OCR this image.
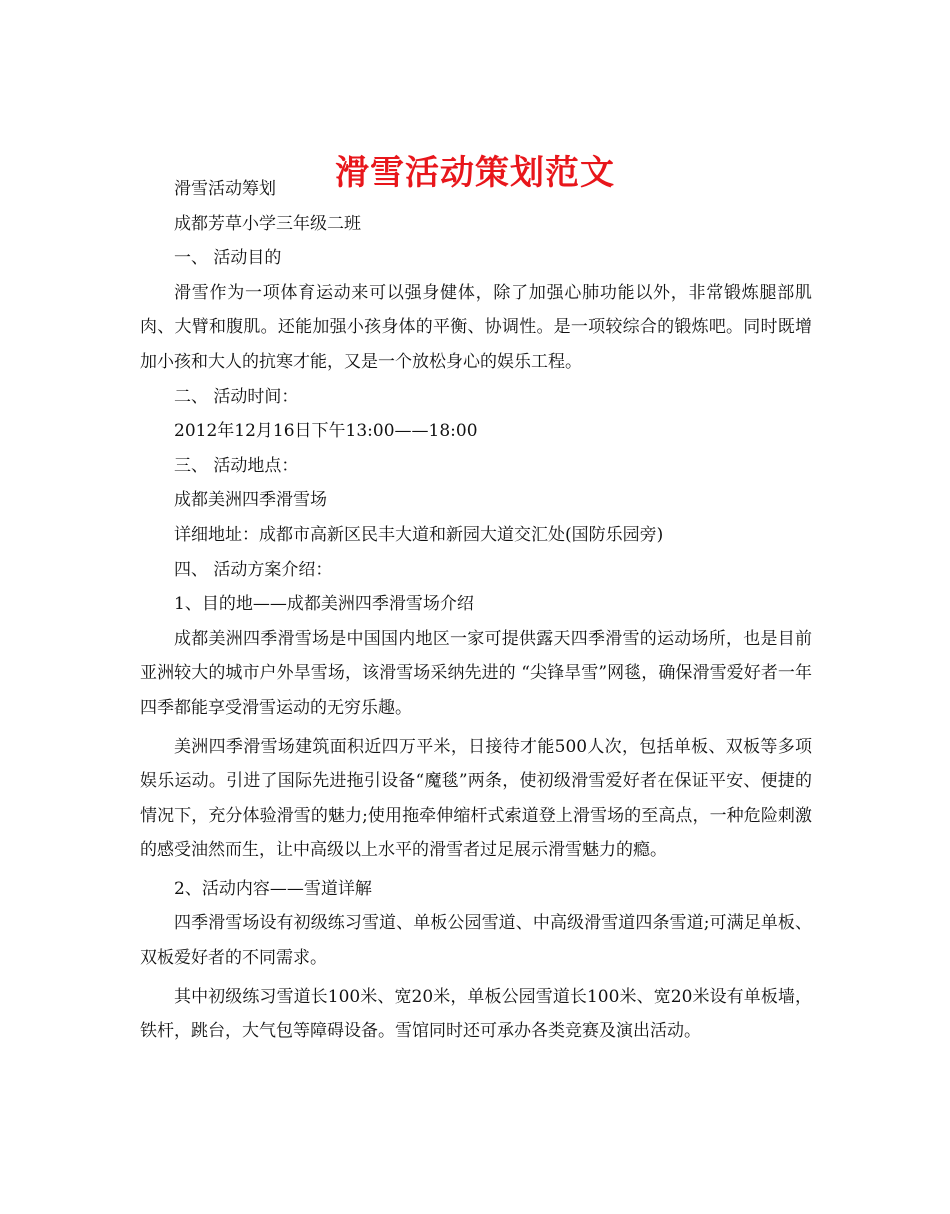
滑雪活动策划范文

滑雪活动筹划

成都芳草小学三年级二班

一、 活动目的

滑雪作为一项体育运动来可以强身健体，除了加强心肺功能以外，非常锻炼腿部肌肉、大臂和腹肌。还能加强小孩身体的平衡、协调性。是一项较综合的锻炼吧。同时既增加小孩和大人的抗寒才能，又是一个放松身心的娱乐工程。

二、 活动时间：

2012年12月16日下午13:00——18:00

三、 活动地点：

成都美洲四季滑雪场

详细地址：成都市高新区民丰大道和新园大道交汇处(国防乐园旁)

四、 活动方案介绍：

1、目的地——成都美洲四季滑雪场介绍

成都美洲四季滑雪场是中国国内地区一家可提供露天四季滑雪的运动场所，也是目前亚洲较大的城市户外旱雪场，该滑雪场采纳先进的 “尖锋旱雪”网毯，确保滑雪爱好者一年四季都能享受滑雪运动的无穷乐趣。

美洲四季滑雪场建筑面积近四万平米，日接待才能500人次，包括单板、双板等多项娱乐运动。引进了国际先进拖引设备“魔毯”两条，使初级滑雪爱好者在保证平安、便捷的情况下，充分体验滑雪的魅力;使用拖牵伸缩杆式索道登上滑雪场的至高点，一种危险刺激的感受油然而生，让中高级以上水平的滑雪者过足展示滑雪魅力的瘾。

2、活动内容——雪道详解

四季滑雪场设有初级练习雪道、单板公园雪道、中高级滑雪道四条雪道;可满足单板、双板爱好者的不同需求。

其中初级练习雪道长100米、宽20米，单板公园雪道长100米、宽20米设有单板墙，铁杆，跳台，大气包等障碍设备。雪馆同时还可承办各类竞赛及演出活动。
